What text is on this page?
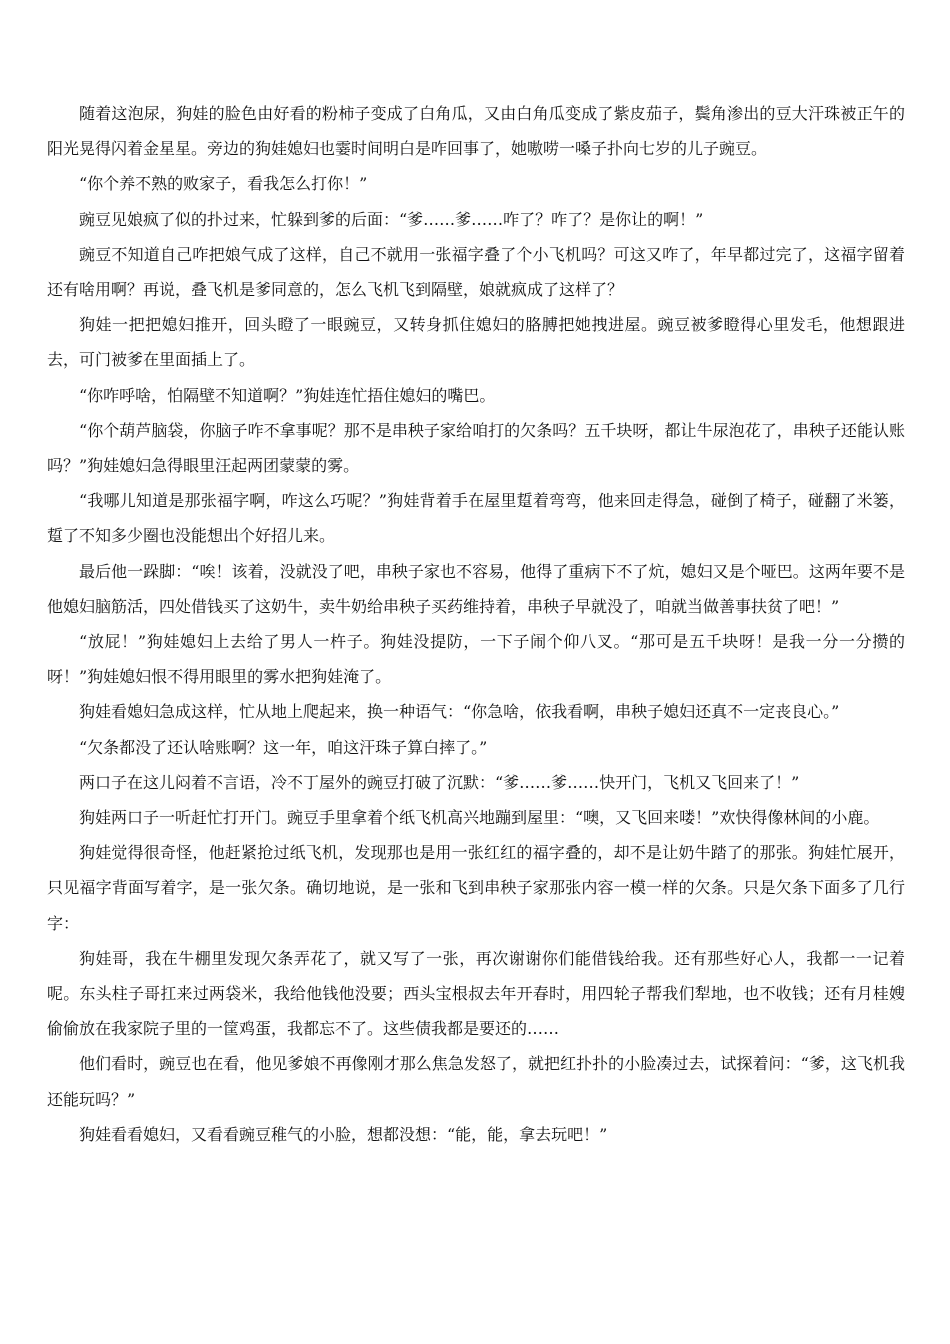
随着这泡尿，狗娃的脸色由好看的粉柿子变成了白角瓜，又由白角瓜变成了紫皮茄子，鬓角渗出的豆大汗珠被正午的阳光晃得闪着金星星。旁边的狗娃媳妇也霎时间明白是咋回事了，她嗷唠一嗓子扑向七岁的儿子豌豆。

“你个养不熟的败家子，看我怎么打你！”

豌豆见娘疯了似的扑过来，忙躲到爹的后面：“爹……爹……咋了？咋了？是你让的啊！”

豌豆不知道自己咋把娘气成了这样，自己不就用一张福字叠了个小飞机吗？可这又咋了，年早都过完了，这福字留着还有啥用啊？再说，叠飞机是爹同意的，怎么飞机飞到隔壁，娘就疯成了这样了？

狗娃一把把媳妇推开，回头瞪了一眼豌豆，又转身抓住媳妇的胳膊把她拽进屋。豌豆被爹瞪得心里发毛，他想跟进去，可门被爹在里面插上了。

“你咋呼啥，怕隔壁不知道啊？”狗娃连忙捂住媳妇的嘴巴。

“你个葫芦脑袋，你脑子咋不拿事呢？那不是串秧子家给咱打的欠条吗？五千块呀，都让牛尿泡花了，串秧子还能认账吗？”狗娃媳妇急得眼里汪起两团蒙蒙的雾。

“我哪儿知道是那张福字啊，咋这么巧呢？”狗娃背着手在屋里踅着弯弯，他来回走得急，碰倒了椅子，碰翻了米篓，踅了不知多少圈也没能想出个好招儿来。

最后他一跺脚：“唉！该着，没就没了吧，串秧子家也不容易，他得了重病下不了炕，媳妇又是个哑巴。这两年要不是他媳妇脑筋活，四处借钱买了这奶牛，卖牛奶给串秧子买药维持着，串秧子早就没了，咱就当做善事扶贫了吧！”

“放屁！”狗娃媳妇上去给了男人一杵子。狗娃没提防，一下子闹个仰八叉。“那可是五千块呀！是我一分一分攒的呀！”狗娃媳妇恨不得用眼里的雾水把狗娃淹了。

狗娃看媳妇急成这样，忙从地上爬起来，换一种语气：“你急啥，依我看啊，串秧子媳妇还真不一定丧良心。”

“欠条都没了还认啥账啊？这一年，咱这汗珠子算白摔了。”

两口子在这儿闷着不言语，冷不丁屋外的豌豆打破了沉默：“爹……爹……快开门，飞机又飞回来了！”

狗娃两口子一听赶忙打开门。豌豆手里拿着个纸飞机高兴地蹦到屋里：“噢，又飞回来喽！”欢快得像林间的小鹿。

狗娃觉得很奇怪，他赶紧抢过纸飞机，发现那也是用一张红红的福字叠的，却不是让奶牛踏了的那张。狗娃忙展开，只见福字背面写着字，是一张欠条。确切地说，是一张和飞到串秧子家那张内容一模一样的欠条。只是欠条下面多了几行字：

狗娃哥，我在牛棚里发现欠条弄花了，就又写了一张，再次谢谢你们能借钱给我。还有那些好心人，我都一一记着呢。东头柱子哥扛来过两袋米，我给他钱他没要；西头宝根叔去年开春时，用四轮子帮我们犁地，也不收钱；还有月桂嫂偷偷放在我家院子里的一筐鸡蛋，我都忘不了。这些债我都是要还的……

他们看时，豌豆也在看，他见爹娘不再像刚才那么焦急发怒了，就把红扑扑的小脸凑过去，试探着问：“爹，这飞机我还能玩吗？”

狗娃看看媳妇，又看看豌豆稚气的小脸，想都没想：“能，能，拿去玩吧！”
